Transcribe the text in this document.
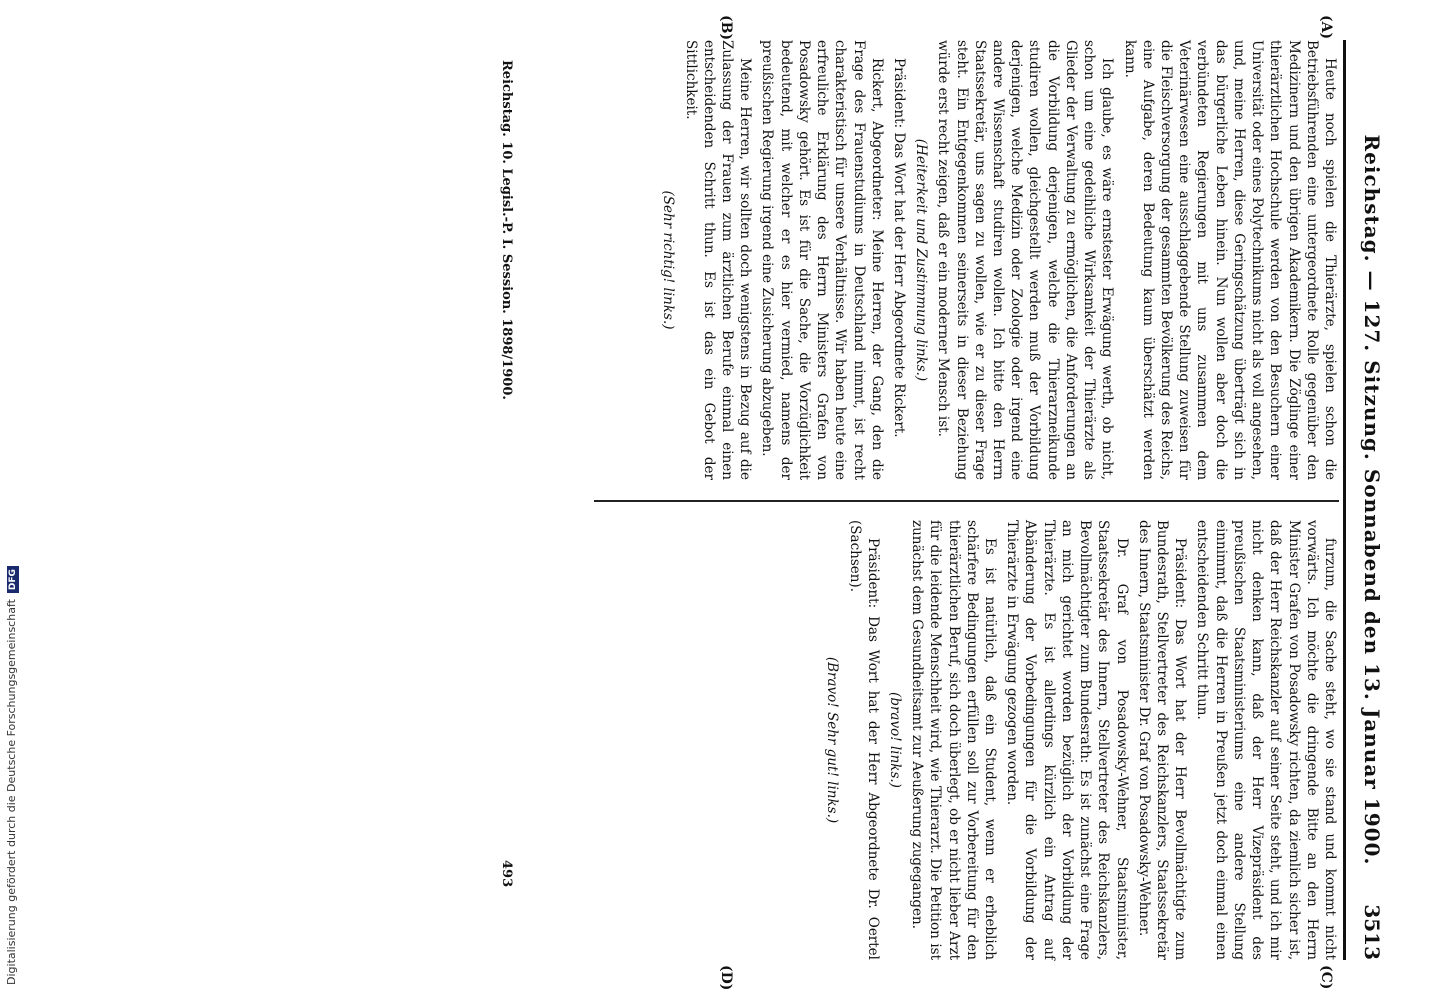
Reichstag. — 127. Sitzung. Sonnabend den 13. Januar 1900.
3513
(A)
(B)
(C)
(D)

Heute noch spielen die Thierärzte, spielen schon die Betriebsführenden eine untergeordnete Rolle gegenüber den Medizinern und den übrigen Akademikern. Die Zöglinge einer thierärztlichen Hochschule werden von den Besuchern einer Universität oder eines Polytechnikums nicht als voll angesehen, und, meine Herren, diese Geringschätzung überträgt sich in das bürgerliche Leben hinein. Nun wollen aber doch die verbündeten Regierungen mit uns zusammen dem Veterinärwesen eine ausschlaggebende Stellung zuweisen für die Fleischversorgung der gesammten Bevölkerung des Reichs, eine Aufgabe, deren Bedeutung kaum überschätzt werden kann.

Ich glaube, es wäre ernstester Erwägung werth, ob nicht, schon um eine gedeihliche Wirksamkeit der Thierärzte als Glieder der Verwaltung zu ermöglichen, die Anforderungen an die Vorbildung derjenigen, welche die Thierarzneikunde studiren wollen, gleichgestellt werden muß der Vorbildung derjenigen, welche Medizin oder Zoologie oder irgend eine andere Wissenschaft studiren wollen. Ich bitte den Herrn Staatssekretär, uns sagen zu wollen, wie er zu dieser Frage steht. Ein Entgegenkommen seinerseits in dieser Beziehung würde erst recht zeigen, daß er ein moderner Mensch ist.

(Heiterkeit und Zustimmung links.)

Präsident: Das Wort hat der Herr Abgeordnete Rickert.

Rickert, Abgeordneter: Meine Herren, der Gang, den die Frage des Frauenstudiums in Deutschland nimmt, ist recht charakteristisch für unsere Verhältnisse. Wir haben heute eine erfreuliche Erklärung des Herrn Ministers Grafen von Posadowsky gehört. Es ist für die Sache, die Vorzüglichkeit bedeutend, mit welcher er es hier vermied, namens der preußischen Regierung irgend eine Zusicherung abzugeben.

Meine Herren, wir sollten doch wenigstens in Bezug auf die Zulassung der Frauen zum ärztlichen Berufe einmal einen entscheidenden Schritt thun. Es ist das ein Gebot der Sittlichkeit.

(Sehr richtig! links.)

furzum, die Sache steht, wo sie stand und kommt nicht vorwärts. Ich möchte die dringende Bitte an den Herrn Minister Grafen von Posadowsky richten, da ziemlich sicher ist, daß der Herr Reichskanzler auf seiner Seite steht, und ich mir nicht denken kann, daß der Herr Vizepräsident des preußischen Staatsministeriums eine andere Stellung einnimmt, daß die Herren in Preußen jetzt doch einmal einen entscheidenden Schritt thun.

Präsident: Das Wort hat der Herr Bevollmächtigte zum Bundesrath, Stellvertreter des Reichskanzlers, Staatssekretär des Innern, Staatsminister Dr. Graf von Posadowsky-Wehner.

Dr. Graf von Posadowsky-Wehner, Staatsminister, Staatssekretär des Innern, Stellvertreter des Reichskanzlers, Bevollmächtigter zum Bundesrath: Es ist zunächst eine Frage an mich gerichtet worden bezüglich der Vorbildung der Thierärzte. Es ist allerdings kürzlich ein Antrag auf Abänderung der Vorbedingungen für die Vorbildung der Thierärzte in Erwägung gezogen worden.

Es ist natürlich, daß ein Student, wenn er erheblich schärfere Bedingungen erfüllen soll zur Vorbereitung für den thierärztlichen Beruf, sich doch überlegt, ob er nicht lieber Arzt für die leidende Menschheit wird, wie Thierarzt. Die Petition ist zunächst dem Gesundheitsamt zur Aeußerung zugegangen.

(bravo! links.)

Präsident: Das Wort hat der Herr Abgeordnete Dr. Oertel (Sachsen).

(Bravo! Sehr gut! links.)

Reichstag. 10. Legisl.-P. I. Session. 1898/1900.
493
Digitalisierung gefördert durch die Deutsche ForschungsgemeinschaftDFG
